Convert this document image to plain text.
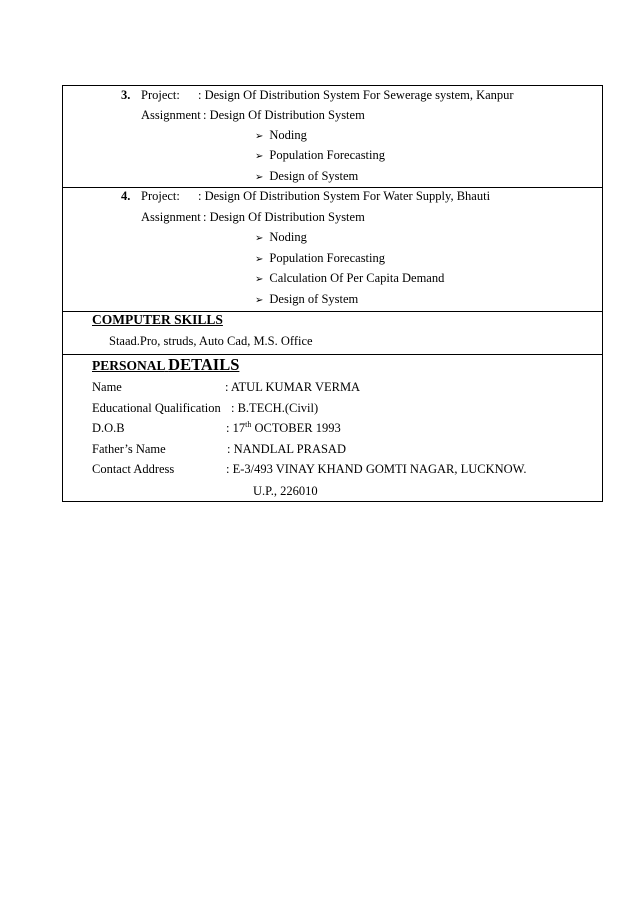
3. Project: : Design Of Distribution System For Sewerage system, Kanpur
Assignment : Design Of Distribution System
➢ Noding
➢ Population Forecasting
➢ Design of System
4. Project: : Design Of Distribution System For Water Supply, Bhauti
Assignment : Design Of Distribution System
➢ Noding
➢ Population Forecasting
➢ Calculation Of Per Capita Demand
➢ Design of System
COMPUTER SKILLS
Staad.Pro, struds, Auto Cad, M.S. Office
PERSONAL DETAILS
Name	: ATUL KUMAR VERMA
Educational Qualification : B.TECH.(Civil)
D.O.B	: 17th OCTOBER 1993
Father’s Name	: NANDLAL PRASAD
Contact Address	: E-3/493 VINAY KHAND GOMTI NAGAR, LUCKNOW.
U.P., 226010
